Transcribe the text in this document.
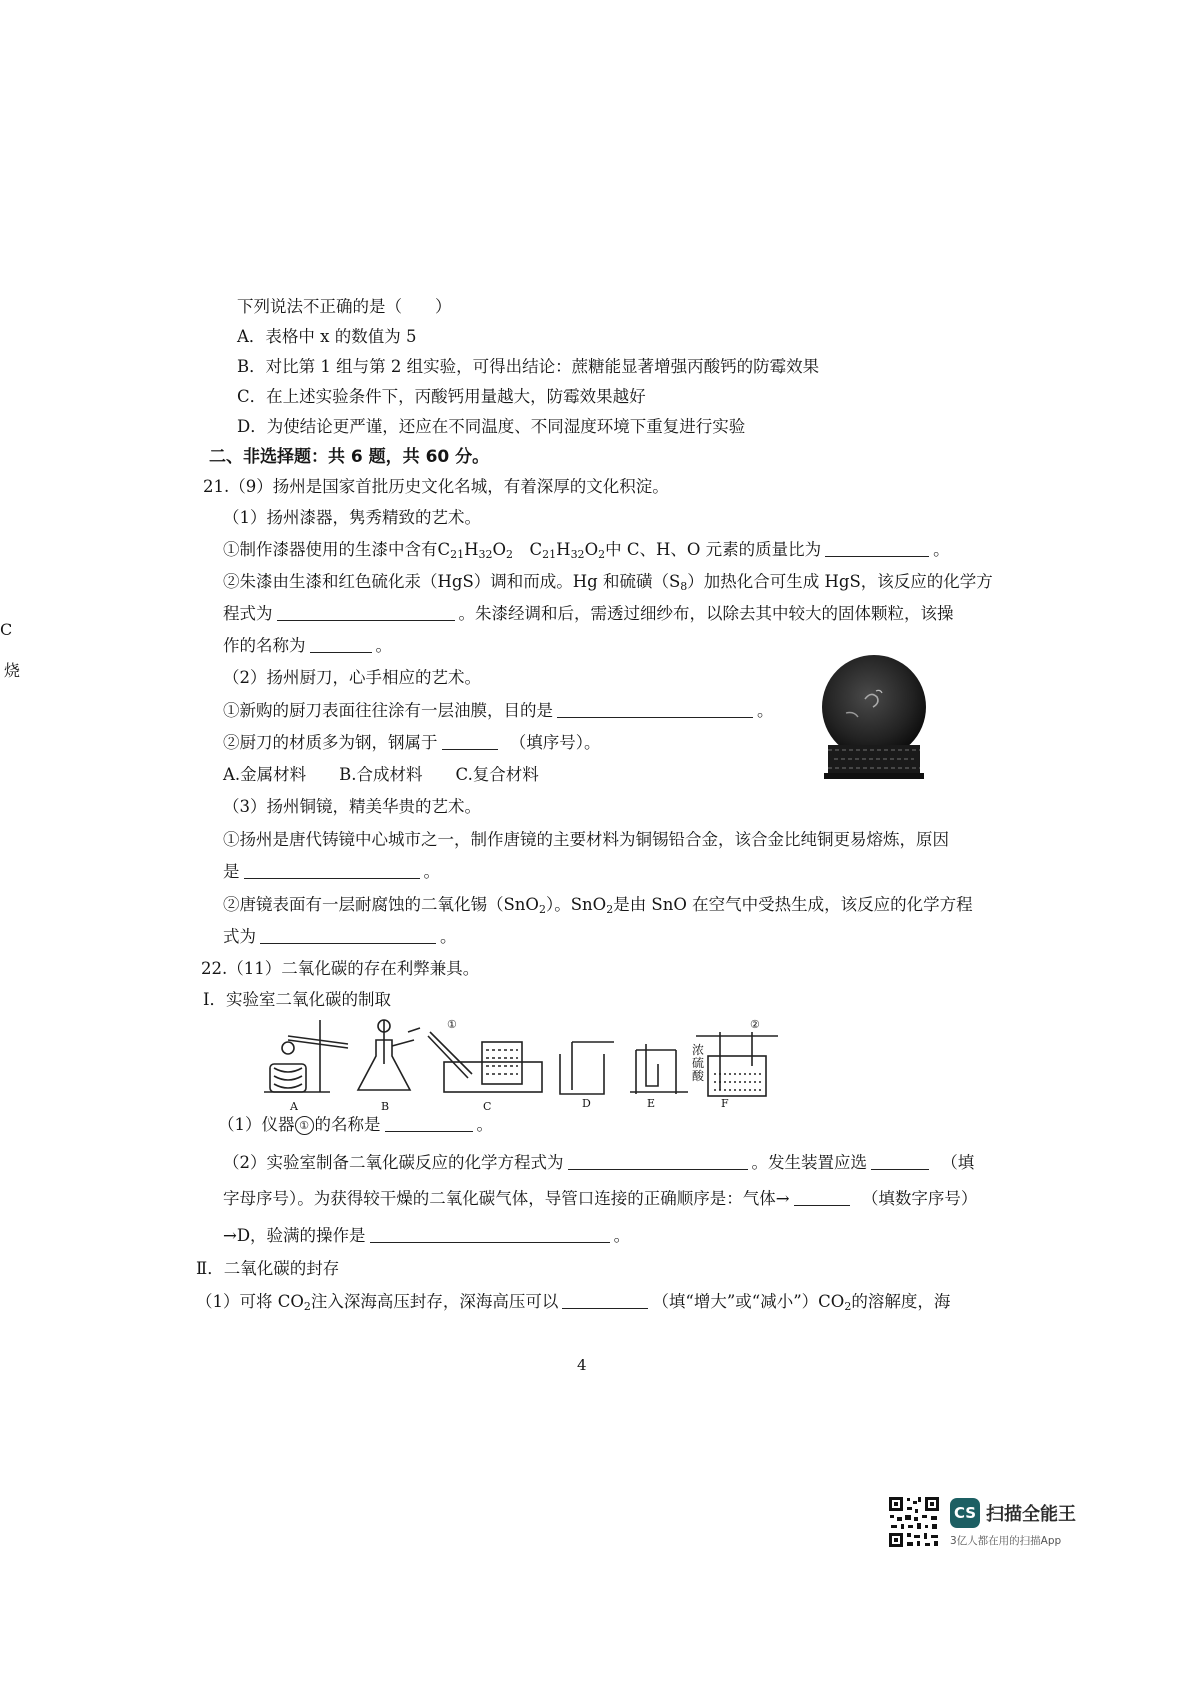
C
烧
下列说法不正确的是（　　）
A．表格中 x 的数值为 5
B．对比第 1 组与第 2 组实验，可得出结论：蔗糖能显著增强丙酸钙的防霉效果
C．在上述实验条件下，丙酸钙用量越大，防霉效果越好
D．为使结论更严谨，还应在不同温度、不同湿度环境下重复进行实验
二、非选择题：共 6 题，共 60 分。
21.（9）扬州是国家首批历史文化名城，有着深厚的文化积淀。
（1）扬州漆器，隽秀精致的艺术。
①制作漆器使用的生漆中含有$C_{21}H_{32}O_2$　 $C_{21}H_{32}O_2$中 C、H、O 元素的质量比为	。
②朱漆由生漆和红色硫化汞（HgS）调和而成。Hg 和硫磺$(S_8)$加热化合可生成 HgS，该反应的化学方
程式为	。朱漆经调和后，需透过细纱布，以除去其中较大的固体颗粒，该操
作的名称为	。
（2）扬州厨刀，心手相应的艺术。
①新购的厨刀表面往往涂有一层油膜，目的是	。
②厨刀的材质多为钢，钢属于　	（填序号）。
A.金属材料　　B.合成材料　　C.复合材料
（3）扬州铜镜，精美华贵的艺术。
①扬州是唐代铸镜中心城市之一，制作唐镜的主要材料为铜锡铅合金，该合金比纯铜更易熔炼，原因
是	。
②唐镜表面有一层耐腐蚀的二氧化锡（SnO$_2$）。SnO$_2$是由 SnO 在空气中受热生成，该反应的化学方程
式为	。
22.（11）二氧化碳的存在利弊兼具。
Ⅰ．实验室二氧化碳的制取
①	②
浓硫酸
A	B	C	D	E	F
（1）仪器 ① 的名称是	。
（2）实验室制备二氧化碳反应的化学方程式为	。发生装置应选　	（填
字母序号）。为获得较干燥的二氧化碳气体，导管口连接的正确顺序是：气体→　	（填数字序号）
→D，验满的操作是	。
Ⅱ．二氧化碳的封存
（1）可将 $CO_2$注入深海高压封存，深海高压可以	（填“增大”或“减小$”)CO_2$的溶解度，海
4
CS 扫描全能王
3亿人都在用的扫描App
